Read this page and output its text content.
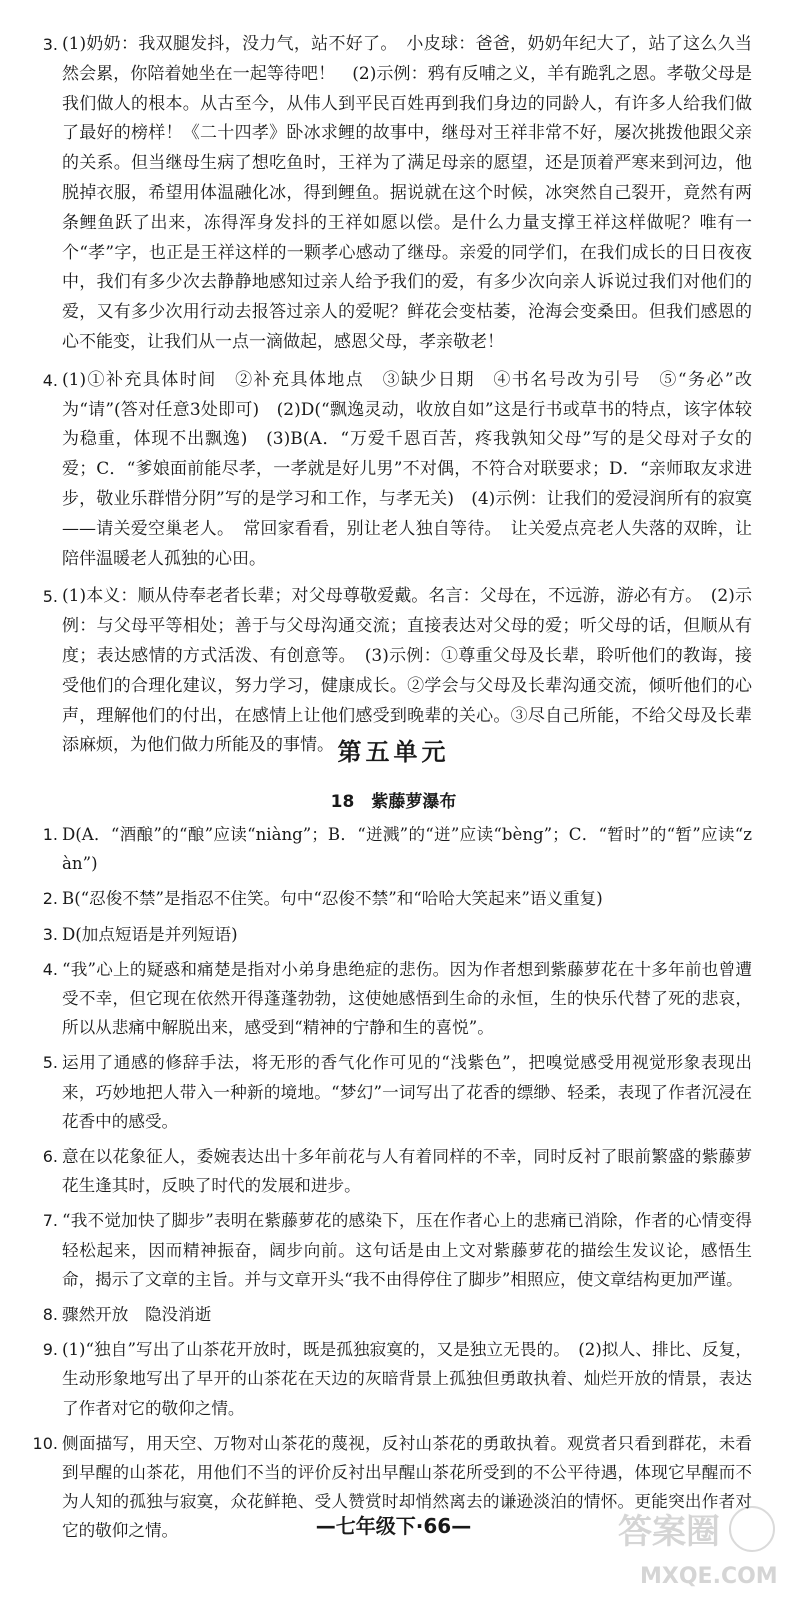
3. (1)奶奶：我双腿发抖，没力气，站不好了。　小皮球：爸爸，奶奶年纪大了，站了这么久当然会累，你陪着她坐在一起等待吧！　(2)示例：鸦有反哺之义，羊有跪乳之恩。孝敬父母是我们做人的根本。从古至今，从伟人到平民百姓再到我们身边的同龄人，有许多人给我们做了最好的榜样！《二十四孝》卧冰求鲤的故事中，继母对王祥非常不好，屡次挑拨他跟父亲的关系。但当继母生病了想吃鱼时，王祥为了满足母亲的愿望，还是顶着严寒来到河边，他脱掉衣服，希望用体温融化冰，得到鲤鱼。据说就在这个时候，冰突然自己裂开，竟然有两条鲤鱼跃了出来，冻得浑身发抖的王祥如愿以偿。是什么力量支撑王祥这样做呢？唯有一个“孝”字，也正是王祥这样的一颗孝心感动了继母。亲爱的同学们，在我们成长的日日夜夜中，我们有多少次去静静地感知过亲人给予我们的爱，有多少次向亲人诉说过我们对他们的爱，又有多少次用行动去报答过亲人的爱呢？鲜花会变枯萎，沧海会变桑田。但我们感恩的心不能变，让我们从一点一滴做起，感恩父母，孝亲敬老！
4. (1)①补充具体时间　②补充具体地点　③缺少日期　④书名号改为引号　⑤“务必”改为“请”(答对任意3处即可)　(2)D(“飘逸灵动，收放自如”这是行书或草书的特点，该字体较为稳重，体现不出飘逸)　(3)B(A．“万爱千恩百苦，疼我孰知父母”写的是父母对子女的爱；C．“爹娘面前能尽孝，一孝就是好儿男”不对偶，不符合对联要求；D．“亲师取友求进步，敬业乐群惜分阴”写的是学习和工作，与孝无关)　(4)示例：让我们的爱浸润所有的寂寞——请关爱空巢老人。　常回家看看，别让老人独自等待。　让关爱点亮老人失落的双眸，让陪伴温暖老人孤独的心田。
5. (1)本义：顺从侍奉老者长辈；对父母尊敬爱戴。名言：父母在，不远游，游必有方。　(2)示例：与父母平等相处；善于与父母沟通交流；直接表达对父母的爱；听父母的话，但顺从有度；表达感情的方式活泼、有创意等。　(3)示例：①尊重父母及长辈，聆听他们的教诲，接受他们的合理化建议，努力学习，健康成长。②学会与父母及长辈沟通交流，倾听他们的心声，理解他们的付出，在感情上让他们感受到晚辈的关心。③尽自己所能，不给父母及长辈添麻烦，为他们做力所能及的事情。 第五单元
18　紫藤萝瀑布
1. D(A．“酒酿”的“酿”应读“niàng”；B．“迸溅”的“迸”应读“bèng”；C．“暂时”的“暂”应读“zàn”)
2. B(“忍俊不禁”是指忍不住笑。句中“忍俊不禁”和“哈哈大笑起来”语义重复)
3. D(加点短语是并列短语)
4. “我”心上的疑惑和痛楚是指对小弟身患绝症的悲伤。因为作者想到紫藤萝花在十多年前也曾遭受不幸，但它现在依然开得蓬蓬勃勃，这使她感悟到生命的永恒，生的快乐代替了死的悲哀，所以从悲痛中解脱出来，感受到“精神的宁静和生的喜悦”。
5. 运用了通感的修辞手法，将无形的香气化作可见的“浅紫色”，把嗅觉感受用视觉形象表现出来，巧妙地把人带入一种新的境地。“梦幻”一词写出了花香的缥缈、轻柔，表现了作者沉浸在花香中的感受。
6. 意在以花象征人，委婉表达出十多年前花与人有着同样的不幸，同时反衬了眼前繁盛的紫藤萝花生逢其时，反映了时代的发展和进步。
7. “我不觉加快了脚步”表明在紫藤萝花的感染下，压在作者心上的悲痛已消除，作者的心情变得轻松起来，因而精神振奋，阔步向前。这句话是由上文对紫藤萝花的描绘生发议论，感悟生命，揭示了文章的主旨。并与文章开头“我不由得停住了脚步”相照应，使文章结构更加严谨。
8. 骤然开放　隐没消逝
9. (1)“独自”写出了山茶花开放时，既是孤独寂寞的，又是独立无畏的。　(2)拟人、排比、反复，生动形象地写出了早开的山茶花在天边的灰暗背景上孤独但勇敢执着、灿烂开放的情景，表达了作者对它的敬仰之情。
10. 侧面描写，用天空、万物对山茶花的蔑视，反衬山茶花的勇敢执着。观赏者只看到群花，未看到早醒的山茶花，用他们不当的评价反衬出早醒山茶花所受到的不公平待遇，体现它早醒而不为人知的孤独与寂寞，众花鲜艳、受人赞赏时却悄然离去的谦逊淡泊的情怀。更能突出作者对它的敬仰之情。	—七年级下·66—	答案圈
MXQE.COM
